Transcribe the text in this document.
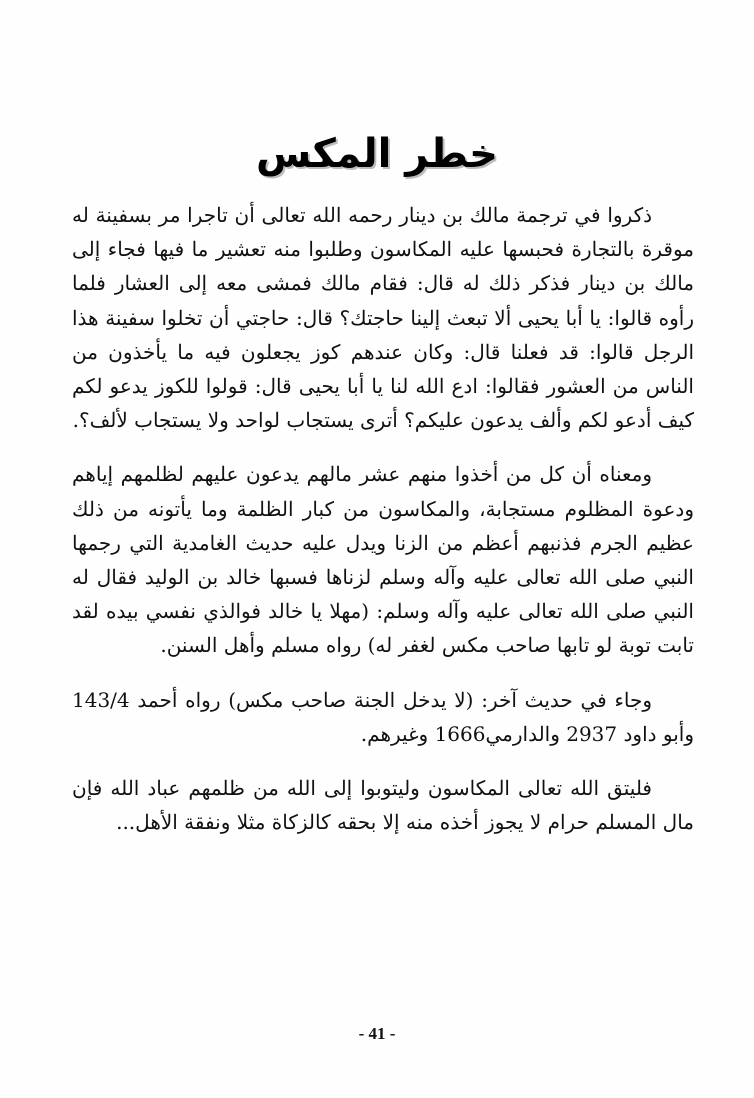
خطر المكس

ذكروا في ترجمة مالك بن دينار رحمه الله تعالى أن تاجرا مر بسفينة له موقرة بالتجارة فحبسها عليه المكاسون وطلبوا منه تعشير ما فيها فجاء إلى مالك بن دينار فذكر ذلك له قال: فقام مالك فمشى معه إلى العشار فلما رأوه قالوا: يا أبا يحيى ألا تبعث إلينا حاجتك؟ قال: حاجتي أن تخلوا سفينة هذا الرجل قالوا: قد فعلنا قال: وكان عندهم كوز يجعلون فيه ما يأخذون من الناس من العشور فقالوا: ادع الله لنا يا أبا يحيى قال: قولوا للكوز يدعو لكم كيف أدعو لكم وألف يدعون عليكم؟ أترى يستجاب لواحد ولا يستجاب لألف؟.

ومعناه أن كل من أخذوا منهم عشر مالهم يدعون عليهم لظلمهم إياهم ودعوة المظلوم مستجابة، والمكاسون من كبار الظلمة وما يأتونه من ذلك عظيم الجرم فذنبهم أعظم من الزنا ويدل عليه حديث الغامدية التي رجمها النبي صلى الله تعالى عليه وآله وسلم لزناها فسبها خالد بن الوليد فقال له النبي صلى الله تعالى عليه وآله وسلم: (مهلا يا خالد فوالذي نفسي بيده لقد تابت توبة لو تابها صاحب مكس لغفر له) رواه مسلم وأهل السنن.

وجاء في حديث آخر: (لا يدخل الجنة صاحب مكس) رواه أحمد 143/4 وأبو داود 2937 والدارمي1666 وغيرهم.

فليتق الله تعالى المكاسون وليتوبوا إلى الله من ظلمهم عباد الله فإن مال المسلم حرام لا يجوز أخذه منه إلا بحقه كالزكاة مثلا ونفقة الأهل...

- 41 -
